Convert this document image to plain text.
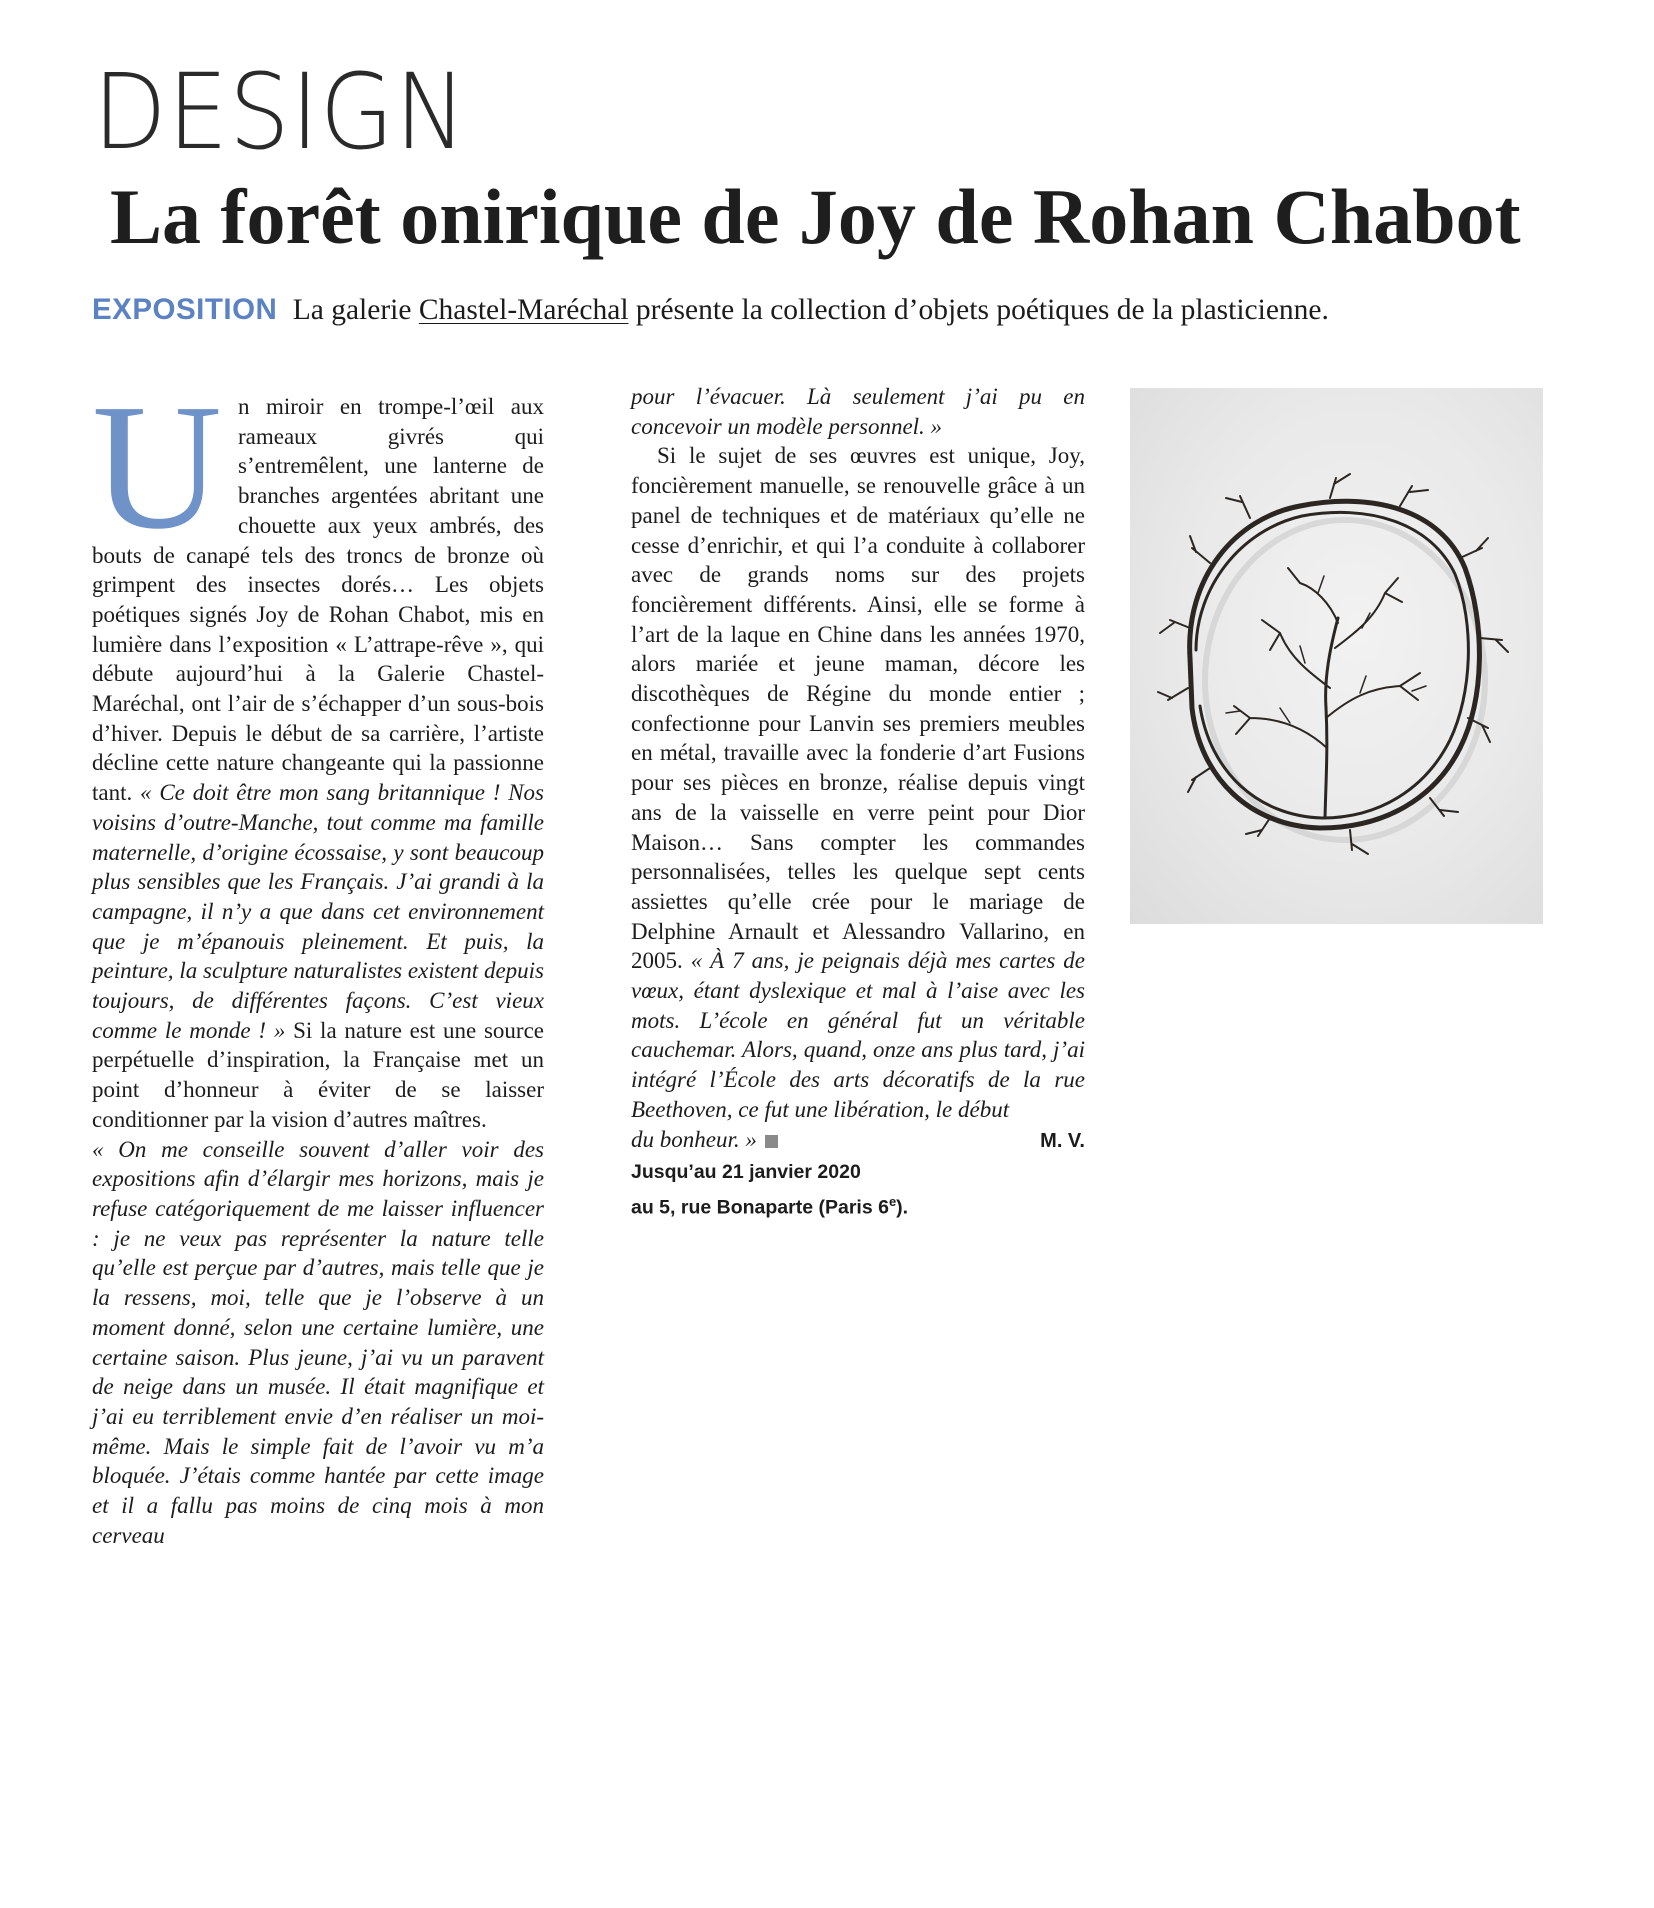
DESIGN
La forêt onirique de Joy de Rohan Chabot
EXPOSITION La galerie Chastel-Maréchal présente la collection d’objets poétiques de la plasticienne.

Un miroir en trompe-l’œil aux rameaux givrés qui s’entremêlent, une lanterne de branches argentées abritant une chouette aux yeux ambrés, des bouts de canapé tels des troncs de bronze où grimpent des insectes dorés… Les objets poétiques signés Joy de Rohan Chabot, mis en lumière dans l’exposition « L’attrape-rêve », qui débute aujourd’hui à la Galerie Chastel-Maréchal, ont l’air de s’échapper d’un sous-bois d’hiver. Depuis le début de sa carrière, l’artiste décline cette nature changeante qui la passionne tant. « Ce doit être mon sang britannique ! Nos voisins d’outre-Manche, tout comme ma famille maternelle, d’origine écossaise, y sont beaucoup plus sensibles que les Français. J’ai grandi à la campagne, il n’y a que dans cet environnement que je m’épanouis pleinement. Et puis, la peinture, la sculpture naturalistes existent depuis toujours, de différentes façons. C’est vieux comme le monde ! » Si la nature est une source perpétuelle d’inspiration, la Française met un point d’honneur à éviter de se laisser conditionner par la vision d’autres maîtres.

« On me conseille souvent d’aller voir des expositions afin d’élargir mes horizons, mais je refuse catégoriquement de me laisser influencer : je ne veux pas représenter la nature telle qu’elle est perçue par d’autres, mais telle que je la ressens, moi, telle que je l’observe à un moment donné, selon une certaine lumière, une certaine saison. Plus jeune, j’ai vu un paravent de neige dans un musée. Il était magnifique et j’ai eu terriblement envie d’en réaliser un moi-même. Mais le simple fait de l’avoir vu m’a bloquée. J’étais comme hantée par cette image et il a fallu pas moins de cinq mois à mon cerveau

pour l’évacuer. Là seulement j’ai pu en concevoir un modèle personnel. »

Si le sujet de ses œuvres est unique, Joy, foncièrement manuelle, se renouvelle grâce à un panel de techniques et de matériaux qu’elle ne cesse d’enrichir, et qui l’a conduite à collaborer avec de grands noms sur des projets foncièrement différents. Ainsi, elle se forme à l’art de la laque en Chine dans les années 1970, alors mariée et jeune maman, décore les discothèques de Régine du monde entier ; confectionne pour Lanvin ses premiers meubles en métal, travaille avec la fonderie d’art Fusions pour ses pièces en bronze, réalise depuis vingt ans de la vaisselle en verre peint pour Dior Maison… Sans compter les commandes personnalisées, telles les quelque sept cents assiettes qu’elle crée pour le mariage de Delphine Arnault et Alessandro Vallarino, en 2005. « À 7 ans, je peignais déjà mes cartes de vœux, étant dyslexique et mal à l’aise avec les mots. L’école en général fut un véritable cauchemar. Alors, quand, onze ans plus tard, j’ai intégré l’École des arts décoratifs de la rue Beethoven, ce fut une libération, le début

du bonheur. »	M. V.
Jusqu’au 21 janvier 2020
au 5, rue Bonaparte (Paris 6e).
